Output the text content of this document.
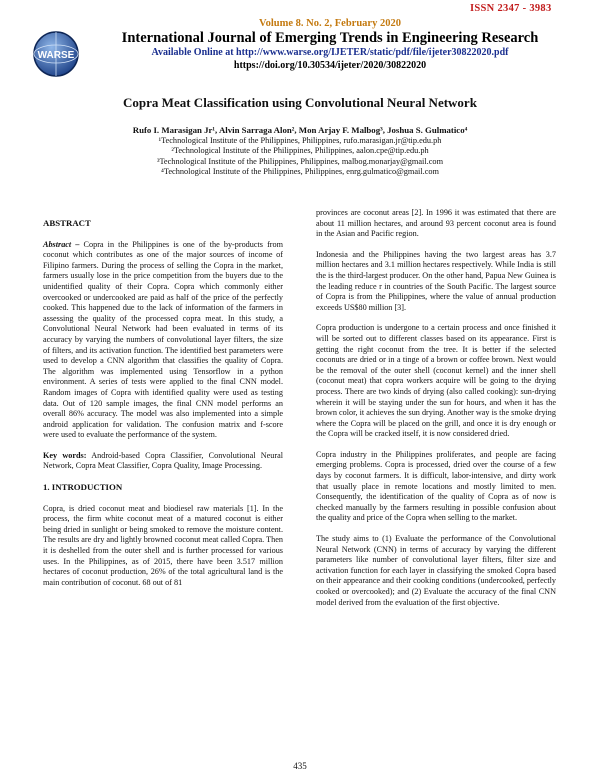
ISSN 2347 - 3983
WARSE
Volume 8. No. 2, February 2020
International Journal of Emerging Trends in Engineering Research
Available Online at http://www.warse.org/IJETER/static/pdf/file/ijeter30822020.pdf
https://doi.org/10.30534/ijeter/2020/30822020
Copra Meat Classification using Convolutional Neural Network
Rufo I. Marasigan Jr¹, Alvin Sarraga Alon², Mon Arjay F. Malbog³, Joshua S. Gulmatico⁴
¹Technological Institute of the Philippines, Philippines, rufo.marasigan.jr@tip.edu.ph
²Technological Institute of the Philippines, Philippines, aalon.cpe@tip.edu.ph
³Technological Institute of the Philippines, Philippines, malbog.monarjay@gmail.com
⁴Technological Institute of the Philippines, Philippines, enrg.gulmatico@gmail.com
ABSTRACT

Abstract – Copra in the Philippines is one of the by-products from coconut which contributes as one of the major sources of income of Filipino farmers. During the process of selling the Copra in the market, farmers usually lose in the price competition from the buyers due to the unidentified quality of their Copra. Copra which commonly either overcooked or undercooked are paid as half of the price of the perfectly cooked. This happened due to the lack of information of the farmers in assessing the quality of the processed copra meat. In this study, a Convolutional Neural Network had been evaluated in terms of its accuracy by varying the numbers of convolutional layer filters, the size of filters, and its activation function. The identified best parameters were used to develop a CNN algorithm that classifies the quality of Copra. The algorithm was implemented using Tensorflow in a python environment. A series of tests were applied to the final CNN model. Random images of Copra with identified quality were used as testing data. Out of 120 sample images, the final CNN model performs an overall 86% accuracy. The model was also implemented into a simple android application for validation. The confusion matrix and f-score were used to evaluate the performance of the system.

Key words: Android-based Copra Classifier, Convolutional Neural Network, Copra Meat Classifier, Copra Quality, Image Processing.

1. INTRODUCTION

Copra, is dried coconut meat and biodiesel raw materials [1]. In the process, the firm white coconut meat of a matured coconut is either being dried in sunlight or being smoked to remove the moisture content. The results are dry and lightly browned coconut meat called Copra. Then it is deshelled from the outer shell and is further processed for various uses. In the Philippines, as of 2015, there have been 3.517 million hectares of coconut production, 26% of the total agricultural land is the main contribution of coconut. 68 out of 81

provinces are coconut areas [2]. In 1996 it was estimated that there are about 11 million hectares, and around 93 percent coconut area is found in the Asian and Pacific region.

Indonesia and the Philippines having the two largest areas has 3.7 million hectares and 3.1 million hectares respectively. While India is still the is the third-largest producer. On the other hand, Papua New Guinea is the leading reduce r in countries of the South Pacific. The largest source of Copra is from the Philippines, where the value of annual production exceeds US$80 million [3].

Copra production is undergone to a certain process and once finished it will be sorted out to different classes based on its appearance. First is getting the right coconut from the tree. It is better if the selected coconuts are dried or in a tinge of a brown or coffee brown. Next would be the removal of the outer shell (coconut kernel) and the inner shell (coconut meat) that copra workers acquire will be going to the drying process. There are two kinds of drying (also called cooking): sun-drying wherein it will be staying under the sun for hours, and when it has the brown color, it achieves the sun drying. Another way is the smoke drying where the Copra will be placed on the grill, and once it is dry enough or the Copra will be cracked itself, it is now considered dried.

Copra industry in the Philippines proliferates, and people are facing emerging problems. Copra is processed, dried over the course of a few days by coconut farmers. It is difficult, labor-intensive, and dirty work that usually place in remote locations and mostly limited to men. Consequently, the identification of the quality of Copra as of now is checked manually by the farmers resulting in possible confusion about the quality and price of the Copra when selling to the market.

The study aims to (1) Evaluate the performance of the Convolutional Neural Network (CNN) in terms of accuracy by varying the different parameters like number of convolutional layer filters, filter size and activation function for each layer in classifying the smoked Copra based on their appearance and their cooking conditions (undercooked, perfectly cooked or overcooked); and (2) Evaluate the accuracy of the final CNN model derived from the evaluation of the first objective.

435
